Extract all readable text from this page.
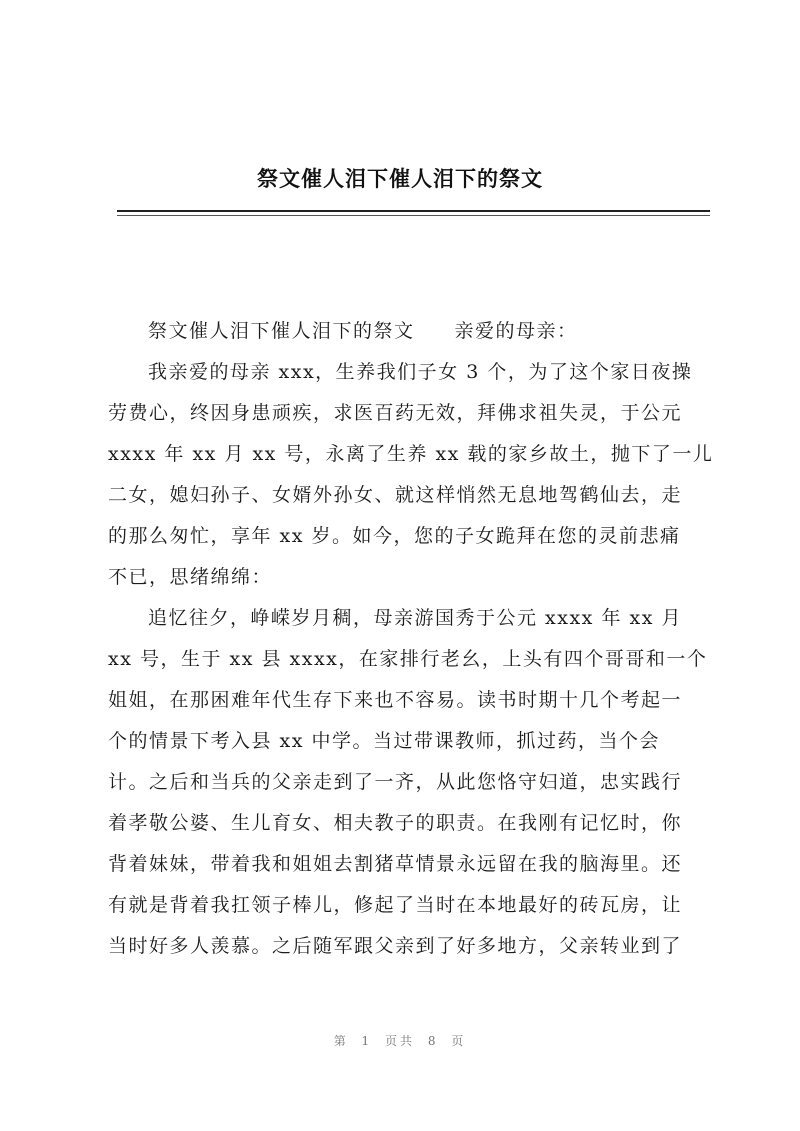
祭文催人泪下催人泪下的祭文
祭文催人泪下催人泪下的祭文 亲爱的母亲：
我亲爱的母亲 xxx，生养我们子女 3 个，为了这个家日夜操
劳费心，终因身患顽疾，求医百药无效，拜佛求祖失灵，于公元
xxxx 年 xx 月 xx 号，永离了生养 xx 载的家乡故土，抛下了一儿
二女，媳妇孙子、女婿外孙女、就这样悄然无息地驾鹤仙去，走
的那么匆忙，享年 xx 岁。如今，您的子女跪拜在您的灵前悲痛
不已，思绪绵绵：
追忆往夕，峥嵘岁月稠，母亲游国秀于公元 xxxx 年 xx 月
xx 号，生于 xx 县 xxxx，在家排行老幺，上头有四个哥哥和一个
姐姐，在那困难年代生存下来也不容易。读书时期十几个考起一
个的情景下考入县 xx 中学。当过带课教师，抓过药，当个会
计。之后和当兵的父亲走到了一齐，从此您恪守妇道，忠实践行
着孝敬公婆、生儿育女、相夫教子的职责。在我刚有记忆时，你
背着妹妹，带着我和姐姐去割猪草情景永远留在我的脑海里。还
有就是背着我扛领子棒儿，修起了当时在本地最好的砖瓦房，让
当时好多人羡慕。之后随军跟父亲到了好多地方，父亲转业到了
第 1 页共 8 页
